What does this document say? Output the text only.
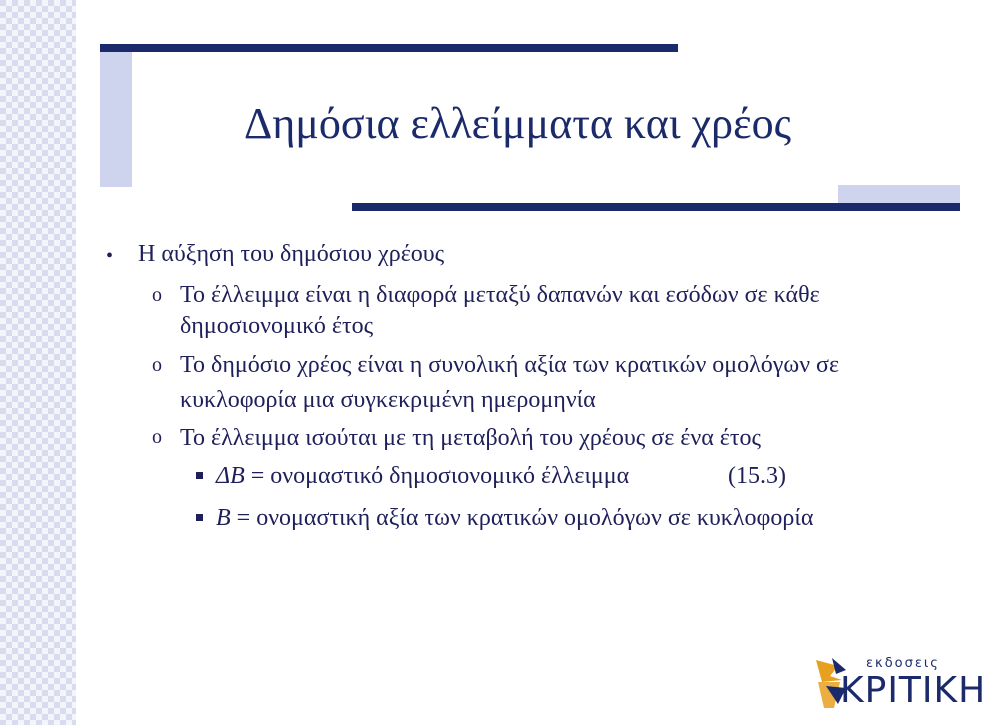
Δημόσια ελλείμματα και χρέος
• Η αύξηση του δημόσιου χρέους
o Το έλλειμμα είναι η διαφορά μεταξύ δαπανών και εσόδων σε κάθε
δημοσιονομικό έτος
o Το δημόσιο χρέος είναι η συνολική αξία των κρατικών ομολόγων σε
κυκλοφορία μια συγκεκριμένη ημερομηνία
o Το έλλειμμα ισούται με τη μεταβολή του χρέους σε ένα έτος
ΔB = ονομαστικό δημοσιονομικό έλλειμμα	(15.3)
B = ονομαστική αξία των κρατικών ομολόγων σε κυκλοφορία
εκδοσεις
ΚΡΙΤΙΚΗ
